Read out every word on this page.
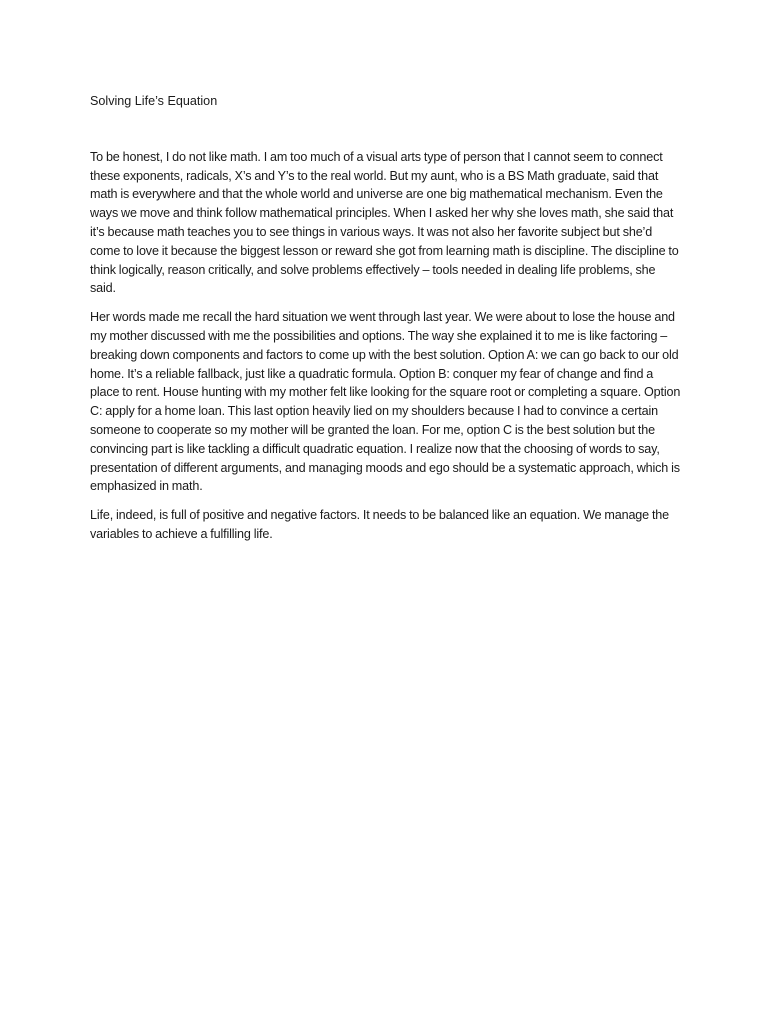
Solving Life’s Equation

To be honest, I do not like math. I am too much of a visual arts type of person that I cannot seem to connect these exponents, radicals, X’s and Y’s to the real world. But my aunt, who is a BS Math graduate, said that math is everywhere and that the whole world and universe are one big mathematical mechanism. Even the ways we move and think follow mathematical principles. When I asked her why she loves math, she said that it’s because math teaches you to see things in various ways. It was not also her favorite subject but she’d come to love it because the biggest lesson or reward she got from learning math is discipline. The discipline to think logically, reason critically, and solve problems effectively – tools needed in dealing life problems, she said.

Her words made me recall the hard situation we went through last year. We were about to lose the house and my mother discussed with me the possibilities and options. The way she explained it to me is like factoring – breaking down components and factors to come up with the best solution. Option A: we can go back to our old home. It’s a reliable fallback, just like a quadratic formula. Option B: conquer my fear of change and find a place to rent. House hunting with my mother felt like looking for the square root or completing a square. Option C: apply for a home loan. This last option heavily lied on my shoulders because I had to convince a certain someone to cooperate so my mother will be granted the loan. For me, option C is the best solution but the convincing part is like tackling a difficult quadratic equation. I realize now that the choosing of words to say, presentation of different arguments, and managing moods and ego should be a systematic approach, which is emphasized in math.

Life, indeed, is full of positive and negative factors. It needs to be balanced like an equation. We manage the variables to achieve a fulfilling life.
